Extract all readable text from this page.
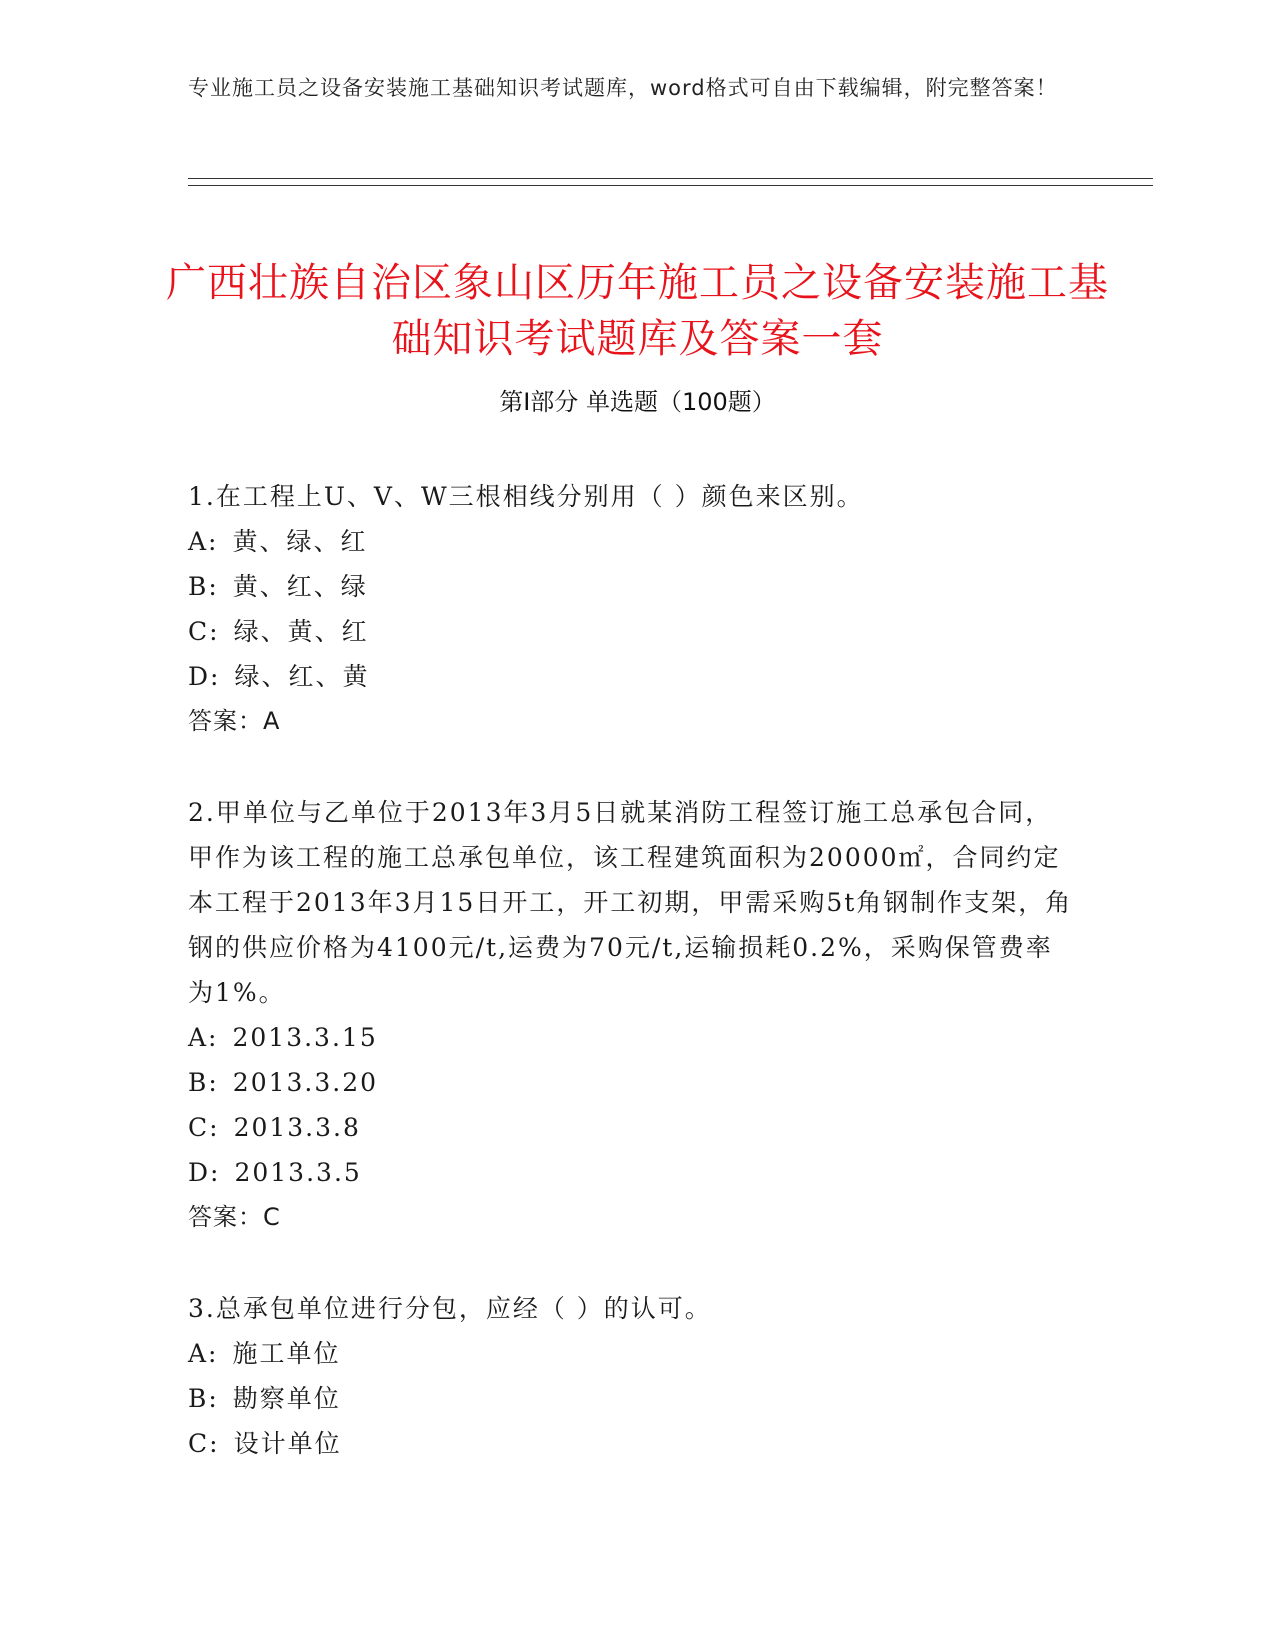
专业施工员之设备安装施工基础知识考试题库，word格式可自由下载编辑，附完整答案！
广西壮族自治区象山区历年施工员之设备安装施工基础知识考试题库及答案一套
第Ⅰ部分 单选题（100题）

1.在工程上U、V、W三根相线分别用（ ）颜色来区别。

A: 黄、绿、红

B: 黄、红、绿

C: 绿、黄、红

D: 绿、红、黄

答案：A

2.甲单位与乙单位于2013年3月5日就某消防工程签订施工总承包合同，甲作为该工程的施工总承包单位，该工程建筑面积为20000㎡，合同约定本工程于2013年3月15日开工，开工初期，甲需采购5t角钢制作支架，角钢的供应价格为4100元/t,运费为70元/t,运输损耗0.2%，采购保管费率为1%。

A: 2013.3.15

B: 2013.3.20

C: 2013.3.8

D: 2013.3.5

答案：C

3.总承包单位进行分包，应经（ ）的认可。

A: 施工单位

B: 勘察单位

C: 设计单位
